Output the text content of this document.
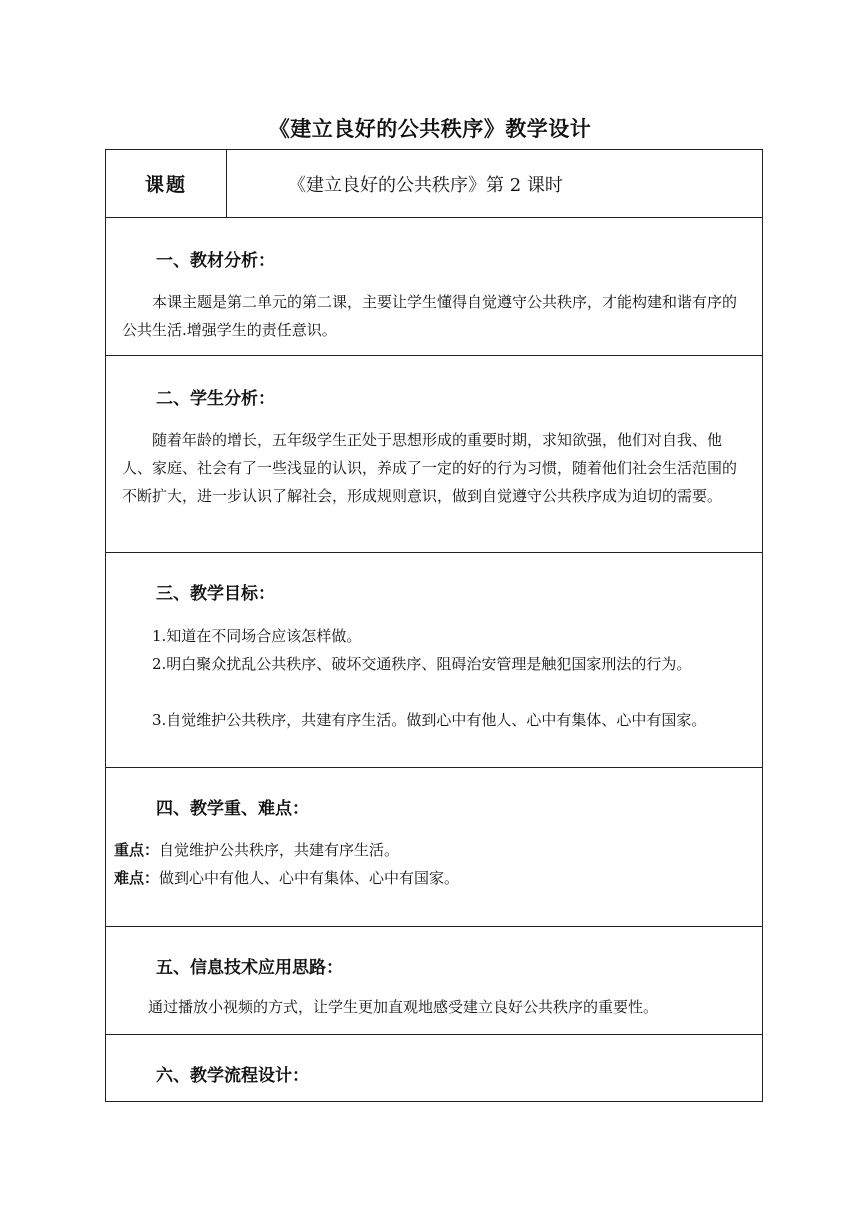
《建立良好的公共秩序》教学设计
课题	《建立良好的公共秩序》第 2 课时
一、教材分析：

本课主题是第二单元的第二课，主要让学生懂得自觉遵守公共秩序，才能构建和谐有序的公共生活.增强学生的责任意识。

二、学生分析：

随着年龄的增长，五年级学生正处于思想形成的重要时期，求知欲强，他们对自我、他人、家庭、社会有了一些浅显的认识，养成了一定的好的行为习惯，随着他们社会生活范围的不断扩大，进一步认识了解社会，形成规则意识，做到自觉遵守公共秩序成为迫切的需要。

三、教学目标：

1.知道在不同场合应该怎样做。

2.明白聚众扰乱公共秩序、破坏交通秩序、阻碍治安管理是触犯国家刑法的行为。

3.自觉维护公共秩序，共建有序生活。做到心中有他人、心中有集体、心中有国家。

四、教学重、难点：
重点：自觉维护公共秩序，共建有序生活。
难点：做到心中有他人、心中有集体、心中有国家。
五、信息技术应用思路：

通过播放小视频的方式，让学生更加直观地感受建立良好公共秩序的重要性。

六、教学流程设计：
